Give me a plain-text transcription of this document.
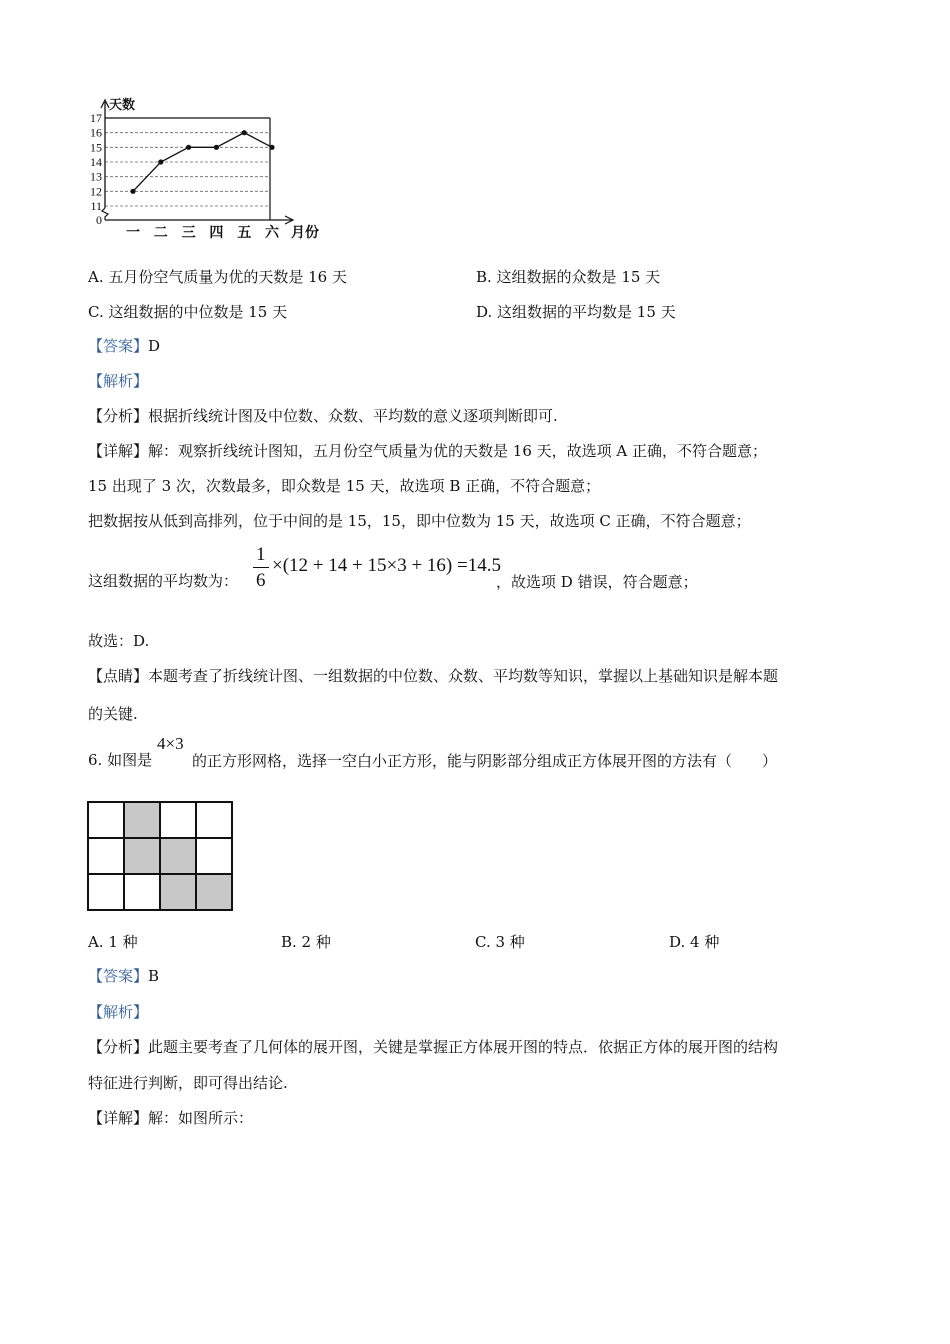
0
11
12
13
14
15
16
17
天数
一 二 三 四 五 六 月份
A. 五月份空气质量为优的天数是 16 天	B. 这组数据的众数是 15 天
C. 这组数据的中位数是 15 天	D. 这组数据的平均数是 15 天
【答案】D
【解析】
【分析】根据折线统计图及中位数、众数、平均数的意义逐项判断即可.
【详解】解：观察折线统计图知，五月份空气质量为优的天数是 16 天，故选项 A 正确，不符合题意；
15 出现了 3 次，次数最多，即众数是 15 天，故选项 B 正确，不符合题意；
把数据按从低到高排列，位于中间的是 15，15，即中位数为 15 天，故选项 C 正确，不符合题意；
这组数据的平均数为：
1
6
×(12 + 14 + 15×3 + 16) =14.5
，故选项 D 错误，符合题意；
故选：D.
【点睛】本题考查了折线统计图、一组数据的中位数、众数、平均数等知识，掌握以上基础知识是解本题
的关键.
6. 如图是
4×3
的正方形网格，选择一空白小正方形，能与阴影部分组成正方体展开图的方法有（　　）
A. 1 种	B. 2 种	C. 3 种	D. 4 种
【答案】B
【解析】
【分析】此题主要考查了几何体的展开图，关键是掌握正方体展开图的特点．依据正方体的展开图的结构
特征进行判断，即可得出结论.
【详解】解：如图所示：
